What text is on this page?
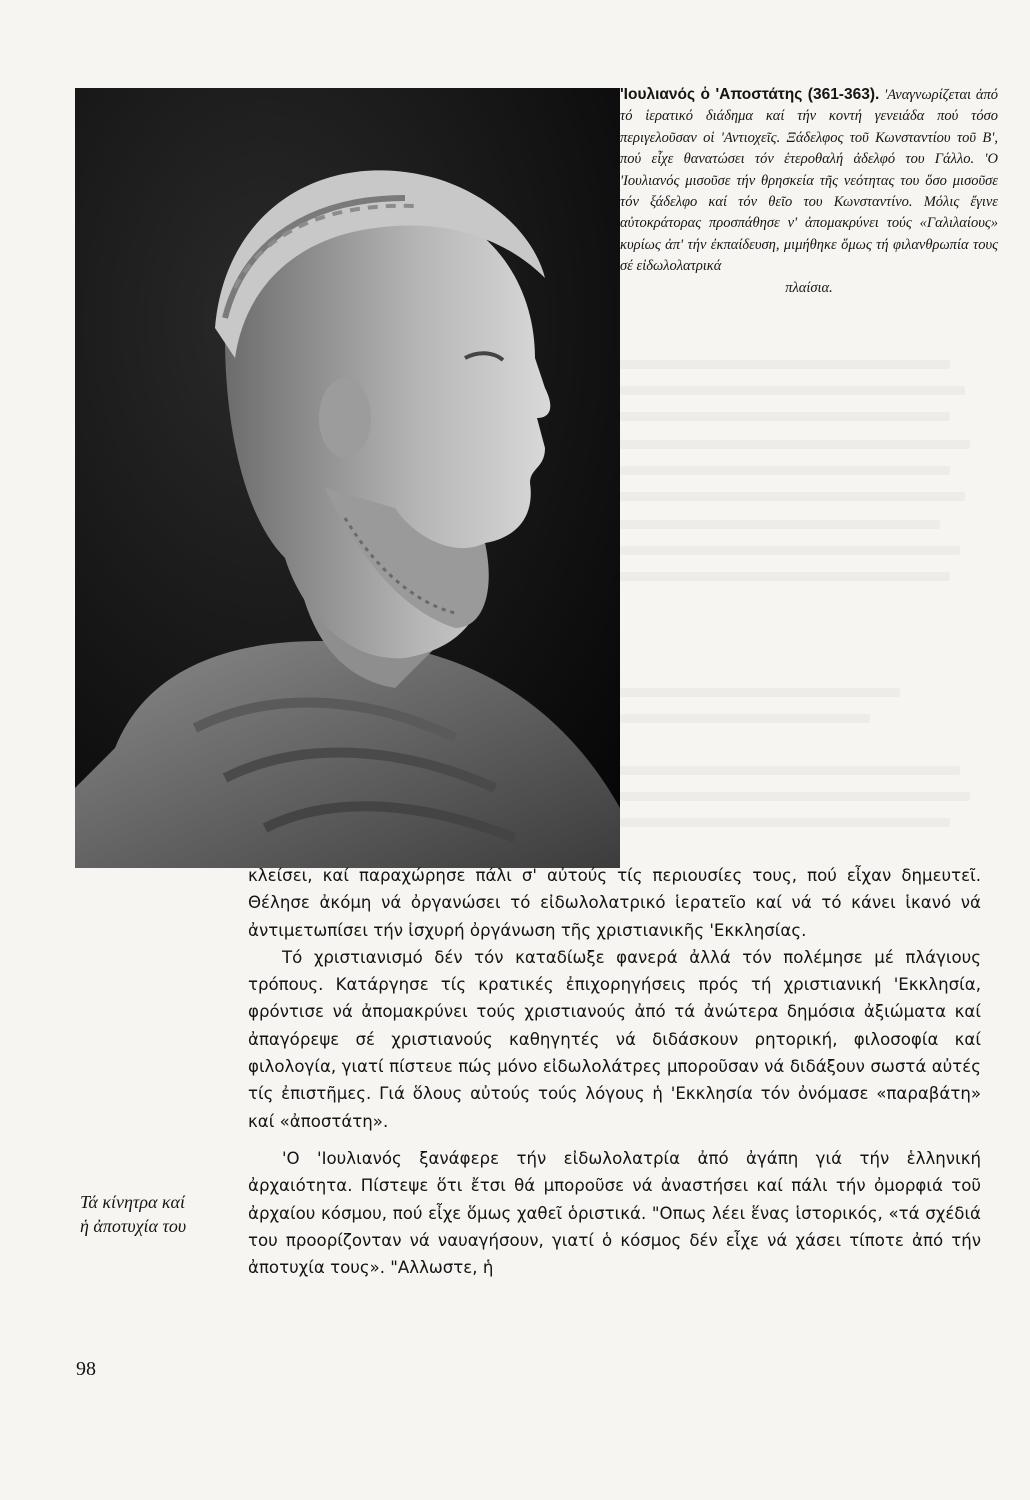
'Ιουλιανός ὁ 'Αποστάτης (361-363). 'Αναγνωρίζεται ἀπό τό ἱερατικό διάδημα καί τήν κοντή γενειάδα πού τόσο περιγελοῦσαν οἱ 'Αντιοχεῖς. Ξάδελφος τοῦ Κωνσταντίου τοῦ Β', πού εἶχε θανατώσει τόν ἑτεροθαλή ἀδελφό του Γάλλο. 'Ο 'Ιουλιανός μισοῦσε τήν θρησκεία τῆς νεότητας του ὅσο μισοῦσε τόν ξάδελφο καί τόν θεῖο του Κωνσταντίνο. Μόλις ἔγινε αὐτοκράτορας προσπάθησε ν' ἀπομακρύνει τούς «Γαλιλαίους» κυρίως ἀπ' τήν ἐκπαίδευση, μιμήθηκε ὅμως τή φιλανθρωπία τους σέ εἰδωλολατρικά
πλαίσια.

κλείσει, καί παραχώρησε πάλι σ' αὐτούς τίς περιουσίες τους, πού εἶχαν δημευτεῖ. Θέλησε ἀκόμη νά ὀργανώσει τό εἰδωλολατρικό ἱερατεῖο καί νά τό κάνει ἱκανό νά ἀντιμετωπίσει τήν ἰσχυρή ὀργάνωση τῆς χριστιανικῆς 'Εκκλησίας.

Τό χριστιανισμό δέν τόν καταδίωξε φανερά ἀλλά τόν πολέμησε μέ πλάγιους τρόπους. Κατάργησε τίς κρατικές ἐπιχορηγήσεις πρός τή χριστιανική 'Εκκλησία, φρόντισε νά ἀπομακρύνει τούς χριστιανούς ἀπό τά ἀνώτερα δημόσια ἀξιώματα καί ἀπαγόρεψε σέ χριστιανούς καθηγητές νά διδάσκουν ρητορική, φιλοσοφία καί φιλολογία, γιατί πίστευε πώς μόνο εἰδωλολάτρες μποροῦσαν νά διδάξουν σωστά αὐτές τίς ἐπιστῆμες. Γιά ὅλους αὐτούς τούς λόγους ἡ 'Εκκλησία τόν ὀνόμασε «παραβάτη» καί «ἀποστάτη».

'Ο 'Ιουλιανός ξανάφερε τήν εἰδωλολατρία ἀπό ἀγάπη γιά τήν ἑλληνική ἀρχαιότητα. Πίστεψε ὅτι ἔτσι θά μποροῦσε νά ἀναστήσει καί πάλι τήν ὀμορφιά τοῦ ἀρχαίου κόσμου, πού εἶχε ὅμως χαθεῖ ὁριστικά. "Οπως λέει ἕνας ἱστορικός, «τά σχέδιά του προορίζονταν νά ναυαγήσουν, γιατί ὁ κόσμος δέν εἶχε νά χάσει τίποτε ἀπό τήν ἀποτυχία τους». "Αλλωστε, ἡ

Τά κίνητρα καί
ἡ ἀποτυχία του
98
